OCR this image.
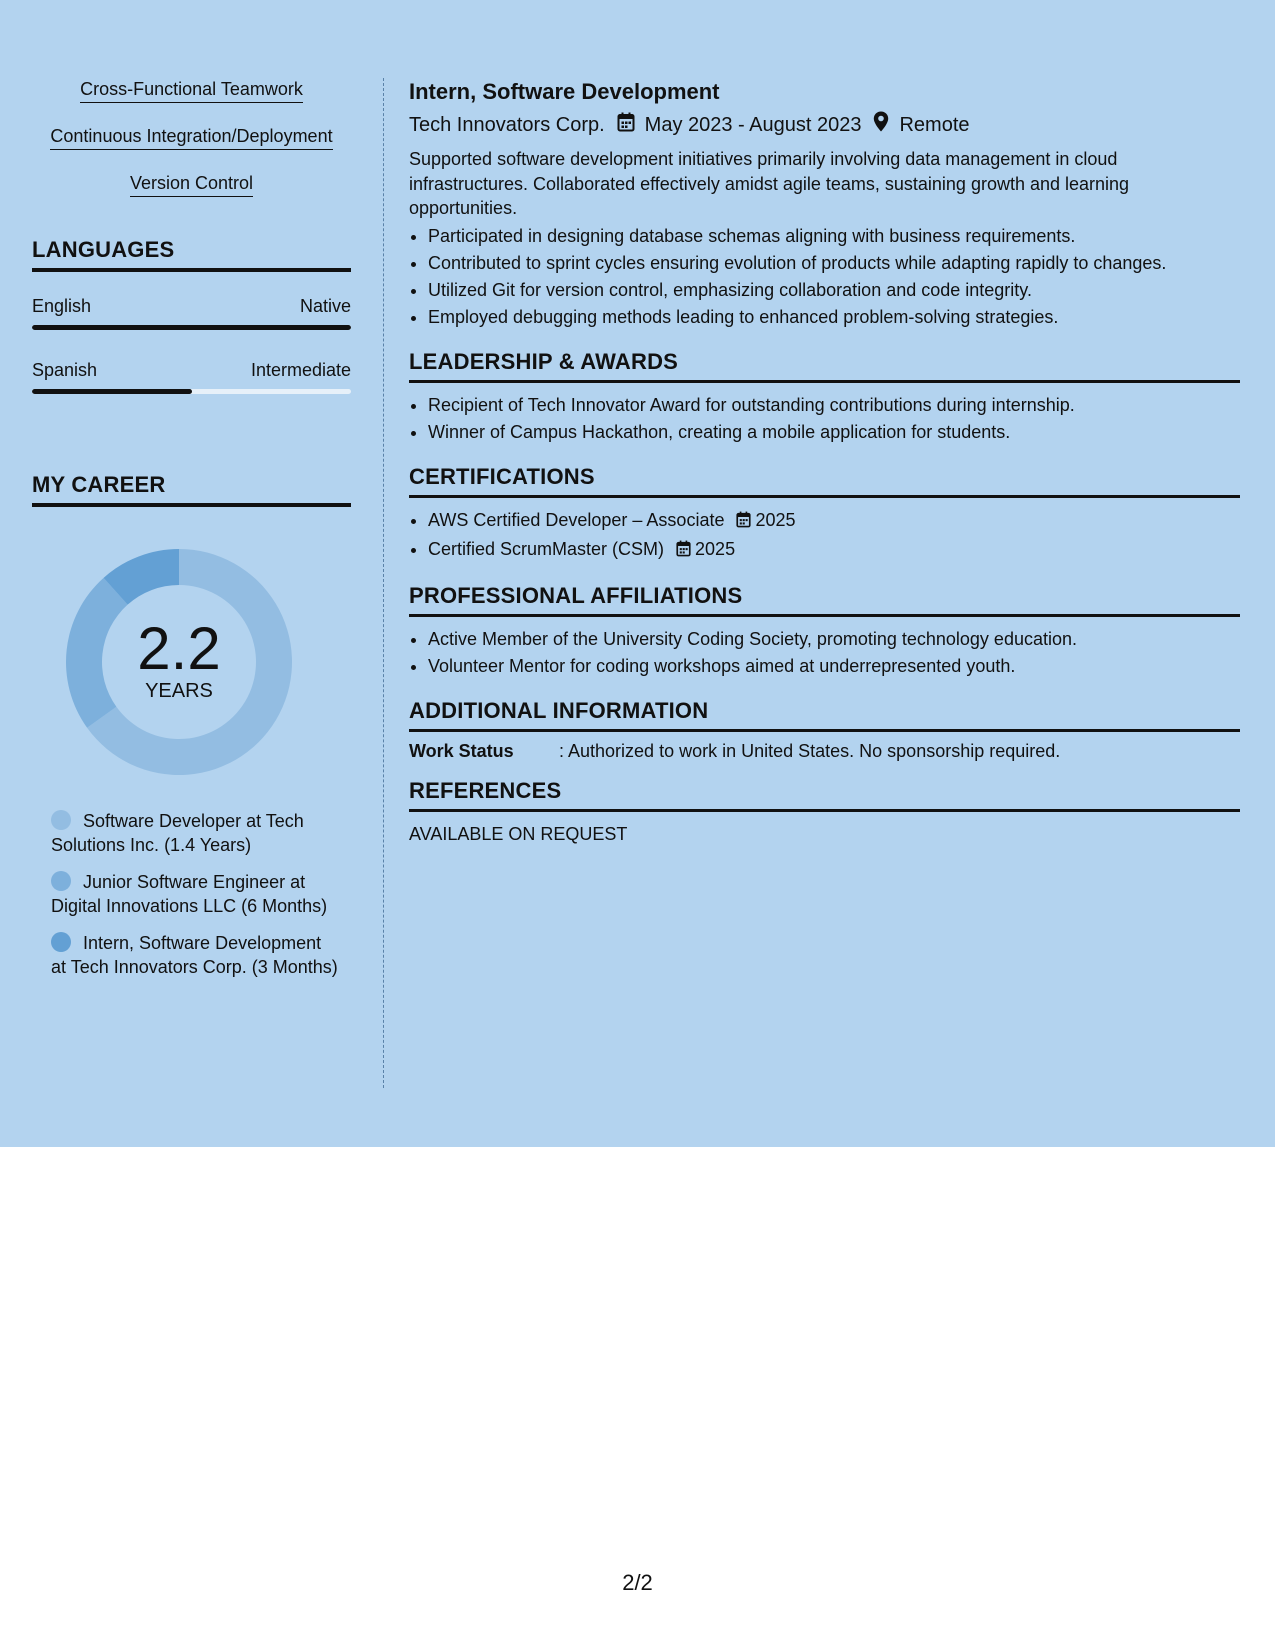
Cross-Functional Teamwork
Continuous Integration/Deployment
Version Control
LANGUAGES
English	Native
Spanish	Intermediate
MY CAREER
2.2
YEARS
Software Developer at Tech Solutions Inc. (1.4 Years)
Junior Software Engineer at Digital Innovations LLC (6 Months)
Intern, Software Development at Tech Innovators Corp. (3 Months)
Intern, Software Development
Tech Innovators Corp. May 2023 - August 2023 Remote
Supported software development initiatives primarily involving data management in cloud infrastructures. Collaborated effectively amidst agile teams, sustaining growth and learning opportunities.
• Participated in designing database schemas aligning with business requirements.
• Contributed to sprint cycles ensuring evolution of products while adapting rapidly to changes.
• Utilized Git for version control, emphasizing collaboration and code integrity.
• Employed debugging methods leading to enhanced problem-solving strategies.
LEADERSHIP & AWARDS
• Recipient of Tech Innovator Award for outstanding contributions during internship.
• Winner of Campus Hackathon, creating a mobile application for students.
CERTIFICATIONS
• AWS Certified Developer – Associate 2025
• Certified ScrumMaster (CSM) 2025
PROFESSIONAL AFFILIATIONS
• Active Member of the University Coding Society, promoting technology education.
• Volunteer Mentor for coding workshops aimed at underrepresented youth.
ADDITIONAL INFORMATION
Work Status	: Authorized to work in United States. No sponsorship required.
REFERENCES
AVAILABLE ON REQUEST
2/2
